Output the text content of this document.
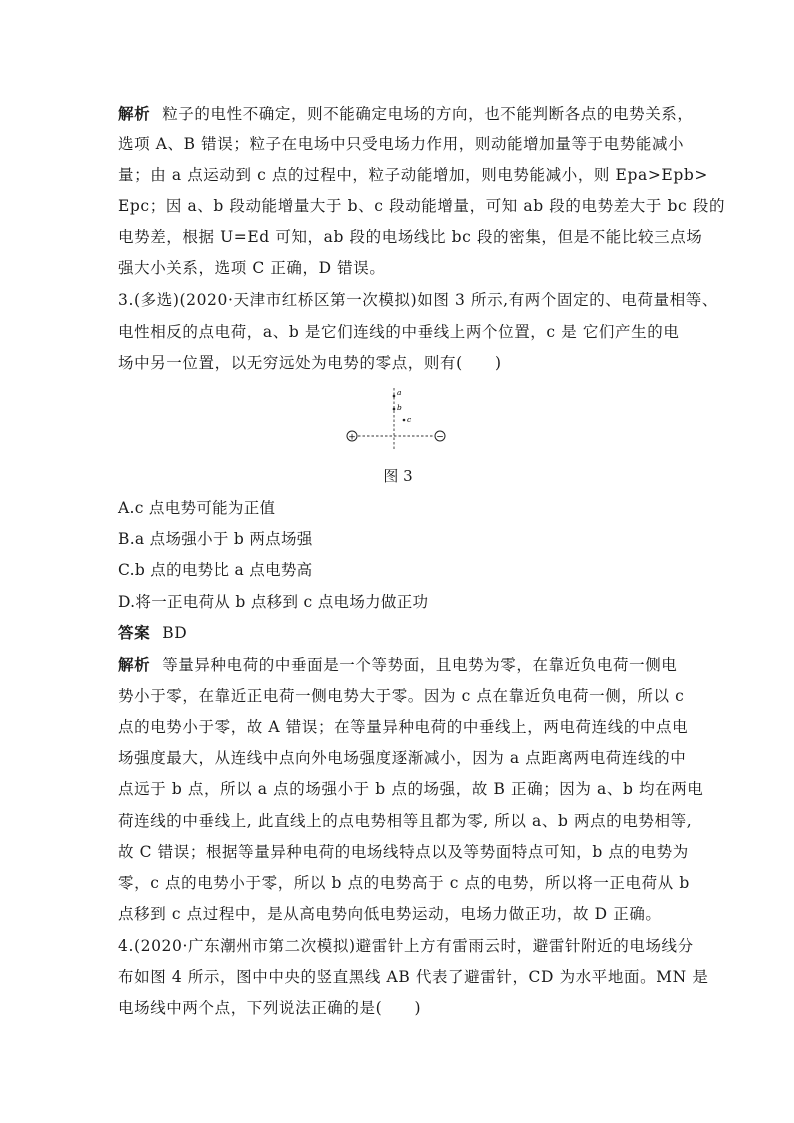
解析 粒子的电性不确定，则不能确定电场的方向，也不能判断各点的电势关系，
选项 A、B 错误；粒子在电场中只受电场力作用，则动能增加量等于电势能减小
量；由 a 点运动到 c 点的过程中，粒子动能增加，则电势能减小，则 Epa>Epb>
Epc；因 a、b 段动能增量大于 b、c 段动能增量，可知 ab 段的电势差大于 bc 段的
电势差，根据 U=Ed 可知，ab 段的电场线比 bc 段的密集，但是不能比较三点场
强大小关系，选项 C 正确，D 错误。
3.(多选)(2020·天津市红桥区第一次模拟)如图 3 所示,有两个固定的、电荷量相等、
电性相反的点电荷，a、b 是它们连线的中垂线上两个位置，c 是 它们产生的电
场中另一位置，以无穷远处为电势的零点，则有(　　)
+	−
a
b
c
图 3
A.c 点电势可能为正值
B.a 点场强小于 b 两点场强
C.b 点的电势比 a 点电势高
D.将一正电荷从 b 点移到 c 点电场力做正功
答案 BD
解析 等量异种电荷的中垂面是一个等势面，且电势为零，在靠近负电荷一侧电
势小于零，在靠近正电荷一侧电势大于零。因为 c 点在靠近负电荷一侧，所以 c
点的电势小于零，故 A 错误；在等量异种电荷的中垂线上，两电荷连线的中点电
场强度最大，从连线中点向外电场强度逐渐减小，因为 a 点距离两电荷连线的中
点远于 b 点，所以 a 点的场强小于 b 点的场强，故 B 正确；因为 a、b 均在两电
荷连线的中垂线上, 此直线上的点电势相等且都为零, 所以 a、b 两点的电势相等,
故 C 错误；根据等量异种电荷的电场线特点以及等势面特点可知，b 点的电势为
零，c 点的电势小于零，所以 b 点的电势高于 c 点的电势，所以将一正电荷从 b
点移到 c 点过程中，是从高电势向低电势运动，电场力做正功，故 D 正确。
4.(2020·广东潮州市第二次模拟)避雷针上方有雷雨云时，避雷针附近的电场线分
布如图 4 所示，图中中央的竖直黑线 AB 代表了避雷针，CD 为水平地面。MN 是
电场线中两个点，下列说法正确的是(　　)
